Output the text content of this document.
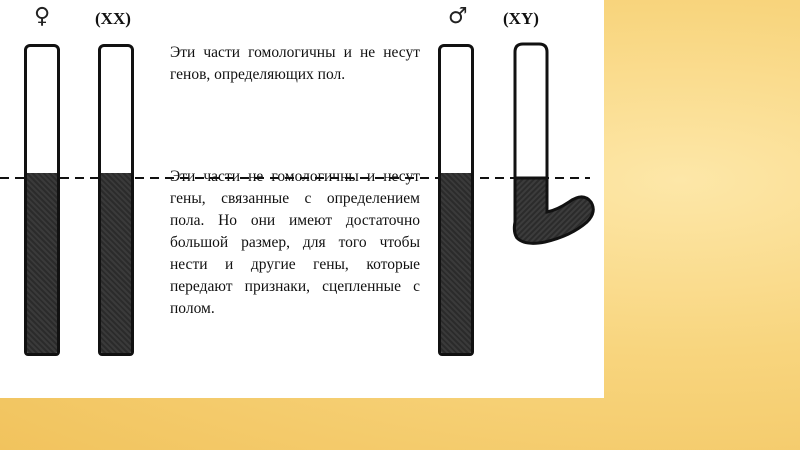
♀	(XX)	♂ (XY)
Эти части гомологичны и не несут генов, определяющих пол.
Эти части не гомологичны и несут гены, связанные с определением пола. Но они имеют достаточно большой размер, для того чтобы нести и другие гены, которые передают признаки, сцепленные с полом.
